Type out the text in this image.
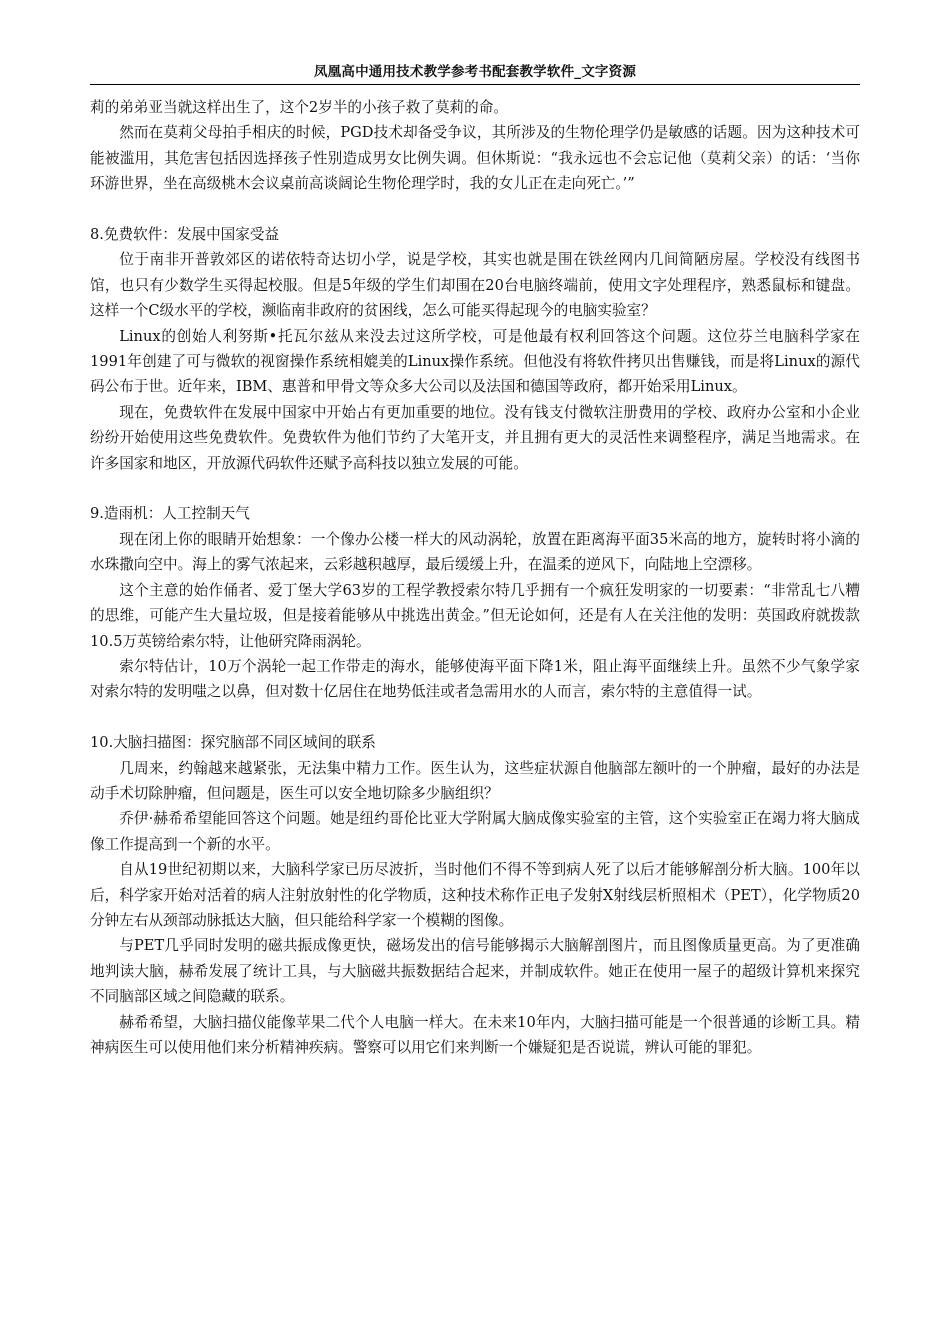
凤凰高中通用技术教学参考书配套教学软件_文字资源

莉的弟弟亚当就这样出生了，这个2岁半的小孩子救了莫莉的命。

然而在莫莉父母拍手相庆的时候，PGD技术却备受争议，其所涉及的生物伦理学仍是敏感的话题。因为这种技术可能被滥用，其危害包括因选择孩子性别造成男女比例失调。但休斯说：“我永远也不会忘记他（莫莉父亲）的话：‘当你环游世界，坐在高级桃木会议桌前高谈阔论生物伦理学时，我的女儿正在走向死亡。’”

8.免费软件：发展中国家受益

位于南非开普敦郊区的诺依特奇达切小学，说是学校，其实也就是围在铁丝网内几间简陋房屋。学校没有线图书馆，也只有少数学生买得起校服。但是5年级的学生们却围在20台电脑终端前，使用文字处理程序，熟悉鼠标和键盘。这样一个C级水平的学校，濒临南非政府的贫困线，怎么可能买得起现今的电脑实验室？

Linux的创始人利努斯•托瓦尔兹从来没去过这所学校，可是他最有权利回答这个问题。这位芬兰电脑科学家在1991年创建了可与微软的视窗操作系统相媲美的Linux操作系统。但他没有将软件拷贝出售赚钱，而是将Linux的源代码公布于世。近年来，IBM、惠普和甲骨文等众多大公司以及法国和德国等政府，都开始采用Linux。

现在，免费软件在发展中国家中开始占有更加重要的地位。没有钱支付微软注册费用的学校、政府办公室和小企业纷纷开始使用这些免费软件。免费软件为他们节约了大笔开支，并且拥有更大的灵活性来调整程序，满足当地需求。在许多国家和地区，开放源代码软件还赋予高科技以独立发展的可能。

9.造雨机：人工控制天气

现在闭上你的眼睛开始想象：一个像办公楼一样大的风动涡轮，放置在距离海平面35米高的地方，旋转时将小滴的水珠撒向空中。海上的雾气浓起来，云彩越积越厚，最后缓缓上升，在温柔的逆风下，向陆地上空漂移。

这个主意的始作俑者、爱丁堡大学63岁的工程学教授索尔特几乎拥有一个疯狂发明家的一切要素：“非常乱七八糟的思维，可能产生大量垃圾，但是接着能够从中挑选出黄金。”但无论如何，还是有人在关注他的发明：英国政府就拨款10.5万英镑给索尔特，让他研究降雨涡轮。

索尔特估计，10万个涡轮一起工作带走的海水，能够使海平面下降1米，阻止海平面继续上升。虽然不少气象学家对索尔特的发明嗤之以鼻，但对数十亿居住在地势低洼或者急需用水的人而言，索尔特的主意值得一试。

10.大脑扫描图：探究脑部不同区域间的联系

几周来，约翰越来越紧张，无法集中精力工作。医生认为，这些症状源自他脑部左额叶的一个肿瘤，最好的办法是动手术切除肿瘤，但问题是，医生可以安全地切除多少脑组织？

乔伊·赫希希望能回答这个问题。她是纽约哥伦比亚大学附属大脑成像实验室的主管，这个实验室正在竭力将大脑成像工作提高到一个新的水平。

自从19世纪初期以来，大脑科学家已历尽波折，当时他们不得不等到病人死了以后才能够解剖分析大脑。100年以后，科学家开始对活着的病人注射放射性的化学物质，这种技术称作正电子发射X射线层析照相术（PET），化学物质20分钟左右从颈部动脉抵达大脑，但只能给科学家一个模糊的图像。

与PET几乎同时发明的磁共振成像更快，磁场发出的信号能够揭示大脑解剖图片，而且图像质量更高。为了更准确地判读大脑，赫希发展了统计工具，与大脑磁共振数据结合起来，并制成软件。她正在使用一屋子的超级计算机来探究不同脑部区域之间隐藏的联系。

赫希希望，大脑扫描仪能像苹果二代个人电脑一样大。在未来10年内，大脑扫描可能是一个很普通的诊断工具。精神病医生可以使用他们来分析精神疾病。警察可以用它们来判断一个嫌疑犯是否说谎，辨认可能的罪犯。
